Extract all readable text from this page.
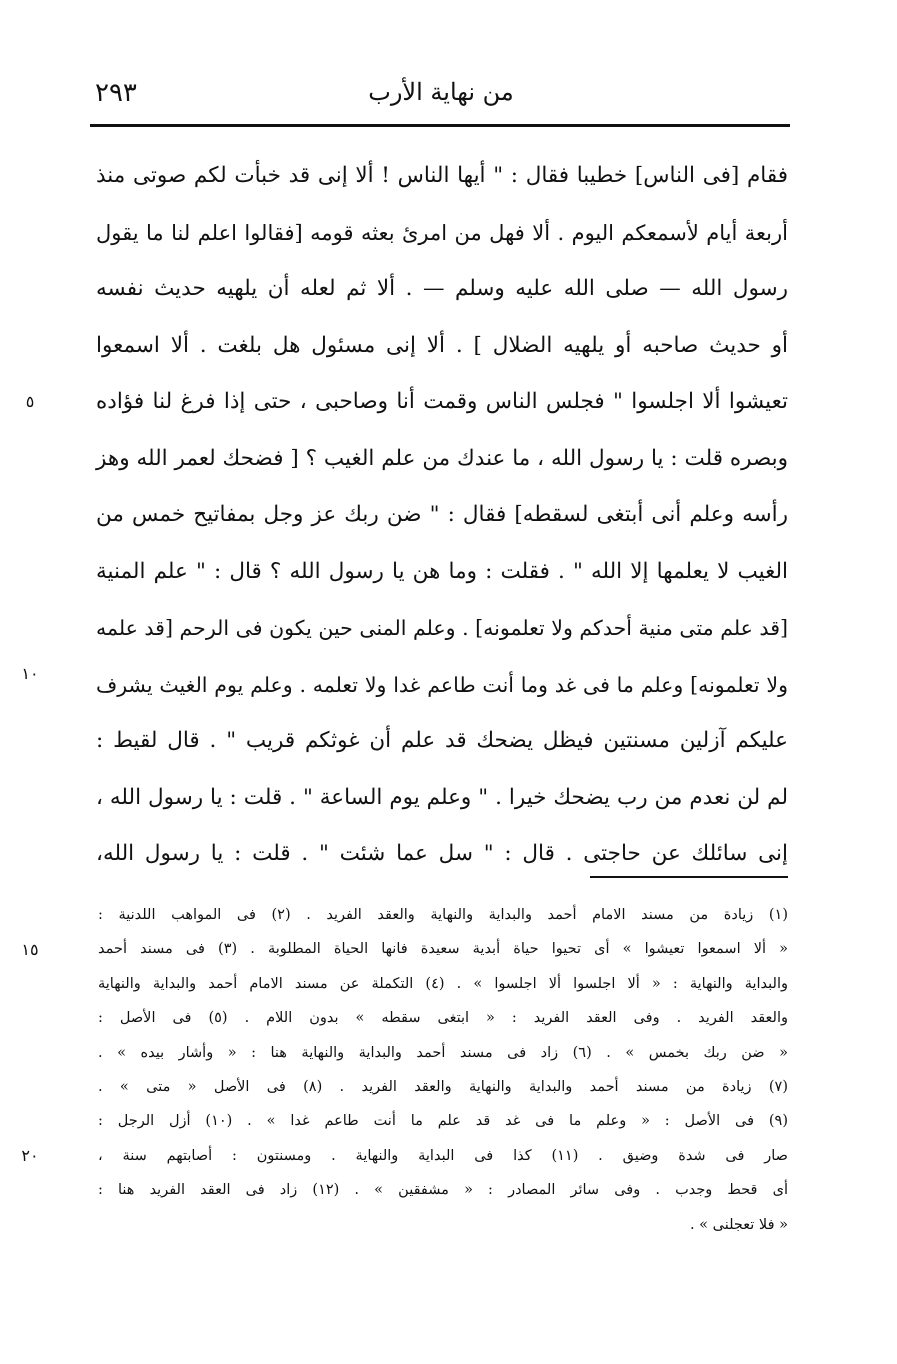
٢٩٣	من نهاية الأرب
فقام [فى الناس] خطيبا فقال : " أيها الناس ! ألا إنى قد خبأت لكم صوتى منذ
أربعة أيام لأسمعكم اليوم . ألا فهل من امرئ بعثه قومه [فقالوا اعلم لنا ما يقول
رسول الله — صلى الله عليه وسلم — . ألا ثم لعله أن يلهيه حديث نفسه
أو حديث صاحبه أو يلهيه الضلال ] . ألا إنى مسئول هل بلغت . ألا اسمعوا
تعيشوا ألا اجلسوا " فجلس الناس وقمت أنا وصاحبى ، حتى إذا فرغ لنا فؤاده
وبصره قلت : يا رسول الله ، ما عندك من علم الغيب ؟ [ فضحك لعمر الله وهز
رأسه وعلم أنى أبتغى لسقطه] فقال : " ضن ربك عز وجل بمفاتيح خمس من
الغيب لا يعلمها إلا الله " . فقلت : وما هن يا رسول الله ؟ قال : " علم المنية
[قد علم متى منية أحدكم ولا تعلمونه] . وعلم المنى حين يكون فى الرحم [قد علمه
ولا تعلمونه] وعلم ما فى غد وما أنت طاعم غدا ولا تعلمه . وعلم يوم الغيث يشرف
عليكم آزلين مسنتين فيظل يضحك قد علم أن غوثكم قريب " . قال لقيط :
لم لن نعدم من رب يضحك خيرا . " وعلم يوم الساعة " . قلت : يا رسول الله ،
إنى سائلك عن حاجتى . قال : " سل عما شئت " . قلت : يا رسول الله،
٥
١٠
١٥
٢٠
(١) زيادة من مسند الامام أحمد والبداية والنهاية والعقد الفريد . (٢) فى المواهب اللدنية :
« ألا اسمعوا تعيشوا » أى تحيوا حياة أبدية سعيدة فانها الحياة المطلوبة . (٣) فى مسند أحمد
والبداية والنهاية : « ألا اجلسوا ألا اجلسوا » . (٤) التكملة عن مسند الامام أحمد والبداية والنهاية
والعقد الفريد . وفى العقد الفريد : « ابتغى سقطه » بدون اللام . (٥) فى الأصل :
« ضن ربك بخمس » . (٦) زاد فى مسند أحمد والبداية والنهاية هنا : « وأشار بيده » .
(٧) زيادة من مسند أحمد والبداية والنهاية والعقد الفريد . (٨) فى الأصل « متى » .
(٩) فى الأصل : « وعلم ما فى غد قد علم ما أنت طاعم غدا » . (١٠) أزل الرجل :
صار فى شدة وضيق . (١١) كذا فى البداية والنهاية . ومسنتون : أصابتهم سنة ،
أى قحط وجدب . وفى سائر المصادر : « مشفقين » . (١٢) زاد فى العقد الفريد هنا :
« فلا تعجلنى » .
